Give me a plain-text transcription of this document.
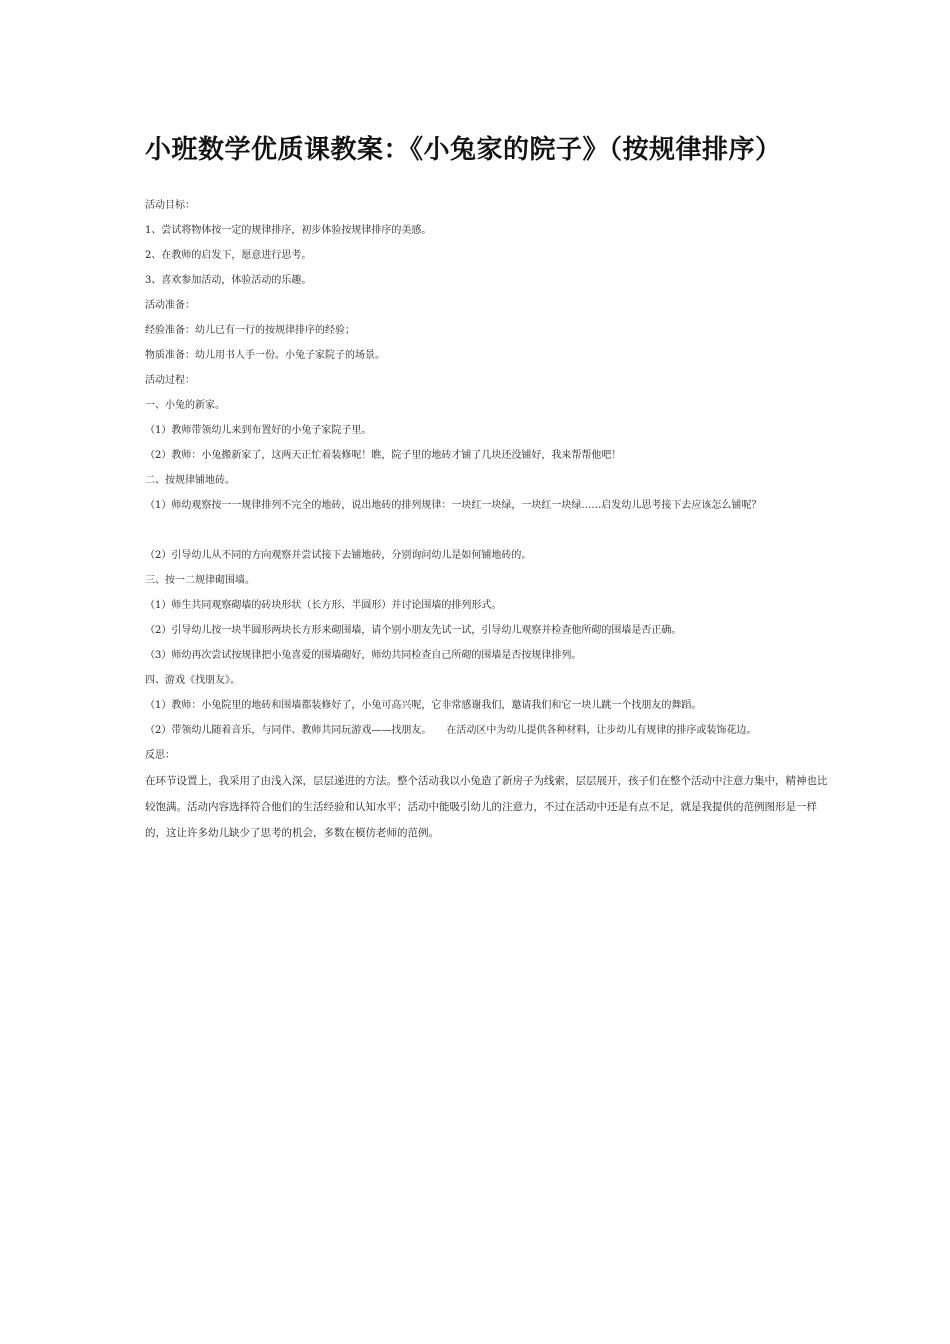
小班数学优质课教案：《小兔家的院子》（按规律排序）
活动目标：
1、尝试将物体按一定的规律排序，初步体验按规律排序的美感。
2、在教师的启发下，愿意进行思考。
3、喜欢参加活动，体验活动的乐趣。
活动准备：
经验准备：幼儿已有一行的按规律排序的经验；
物质准备：幼儿用书人手一份。小兔子家院子的场景。
活动过程：
一、小兔的新家。
（1）教师带领幼儿来到布置好的小兔子家院子里。
（2）教师：小兔搬新家了，这两天正忙着装修呢！瞧，院子里的地砖才铺了几块还没铺好，我来帮帮他吧！
二、按规律铺地砖。
（1）师幼观察按一一规律排列不完全的地砖，说出地砖的排列规律：一块红一块绿，一块红一块绿……启发幼儿思考接下去应该怎么铺呢？
（2）引导幼儿从不同的方向观察并尝试接下去铺地砖，分别询问幼儿是如何铺地砖的。
三、按一二规律砌围墙。
（1）师生共同观察砌墙的砖块形状（长方形、半圆形）并讨论围墙的排列形式。
（2）引导幼儿按一块半圆形两块长方形来砌围墙，请个别小朋友先试一试，引导幼儿观察并检查他所砌的围墙是否正确。
（3）师幼再次尝试按规律把小兔喜爱的围墙砌好，师幼共同检查自己所砌的围墙是否按规律排列。
四、游戏《找朋友》。
（1）教师：小兔院里的地砖和围墙都装修好了，小兔可高兴呢，它非常感谢我们，邀请我们和它一块儿跳一个找朋友的舞蹈。
（2）带领幼儿随着音乐，与同伴、教师共同玩游戏——找朋友。　　在活动区中为幼儿提供各种材料，让步幼儿有规律的排序或装饰花边。
反思：

在环节设置上，我采用了由浅入深，层层递进的方法。整个活动我以小兔造了新房子为线索，层层展开，孩子们在整个活动中注意力集中，精神也比较饱满。活动内容选择符合他们的生活经验和认知水平；活动中能吸引幼儿的注意力，不过在活动中还是有点不足，就是我提供的范例图形是一样的，这让许多幼儿缺少了思考的机会，多数在模仿老师的范例。
